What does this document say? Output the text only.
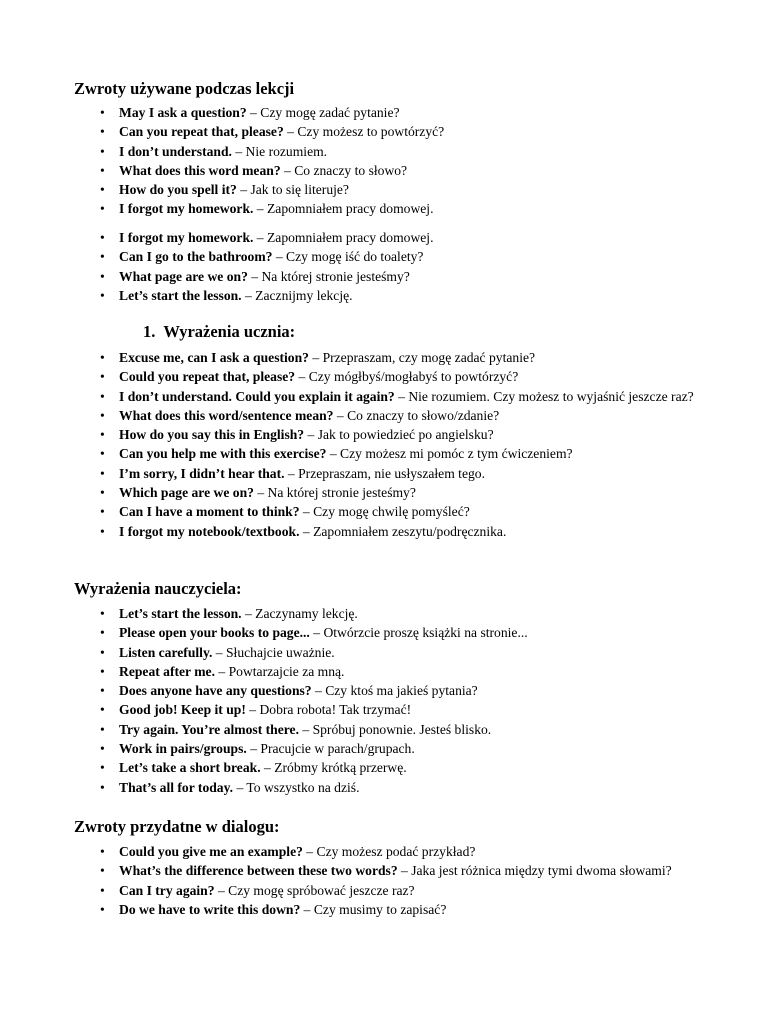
Zwroty używane podczas lekcji
• May I ask a question? – Czy mogę zadać pytanie?
• Can you repeat that, please? – Czy możesz to powtórzyć?
• I don’t understand. – Nie rozumiem.
• What does this word mean? – Co znaczy to słowo?
• How do you spell it? – Jak to się literuje?
• I forgot my homework. – Zapomniałem pracy domowej.
• I forgot my homework. – Zapomniałem pracy domowej.
• Can I go to the bathroom? – Czy mogę iść do toalety?
• What page are we on? – Na której stronie jesteśmy?
• Let’s start the lesson. – Zacznijmy lekcję.
1. Wyrażenia ucznia:
• Excuse me, can I ask a question? – Przepraszam, czy mogę zadać pytanie?
• Could you repeat that, please? – Czy mógłbyś/mogłabyś to powtórzyć?
• I don’t understand. Could you explain it again? – Nie rozumiem. Czy możesz to wyjaśnić jeszcze raz?
• What does this word/sentence mean? – Co znaczy to słowo/zdanie?
• How do you say this in English? – Jak to powiedzieć po angielsku?
• Can you help me with this exercise? – Czy możesz mi pomóc z tym ćwiczeniem?
• I’m sorry, I didn’t hear that. – Przepraszam, nie usłyszałem tego.
• Which page are we on? – Na której stronie jesteśmy?
• Can I have a moment to think? – Czy mogę chwilę pomyśleć?
• I forgot my notebook/textbook. – Zapomniałem zeszytu/podręcznika.
Wyrażenia nauczyciela:
• Let’s start the lesson. – Zaczynamy lekcję.
• Please open your books to page... – Otwórzcie proszę książki na stronie...
• Listen carefully. – Słuchajcie uważnie.
• Repeat after me. – Powtarzajcie za mną.
• Does anyone have any questions? – Czy ktoś ma jakieś pytania?
• Good job! Keep it up! – Dobra robota! Tak trzymać!
• Try again. You’re almost there. – Spróbuj ponownie. Jesteś blisko.
• Work in pairs/groups. – Pracujcie w parach/grupach.
• Let’s take a short break. – Zróbmy krótką przerwę.
• That’s all for today. – To wszystko na dziś.
Zwroty przydatne w dialogu:
• Could you give me an example? – Czy możesz podać przykład?
• What’s the difference between these two words? – Jaka jest różnica między tymi dwoma słowami?
• Can I try again? – Czy mogę spróbować jeszcze raz?
• Do we have to write this down? – Czy musimy to zapisać?
